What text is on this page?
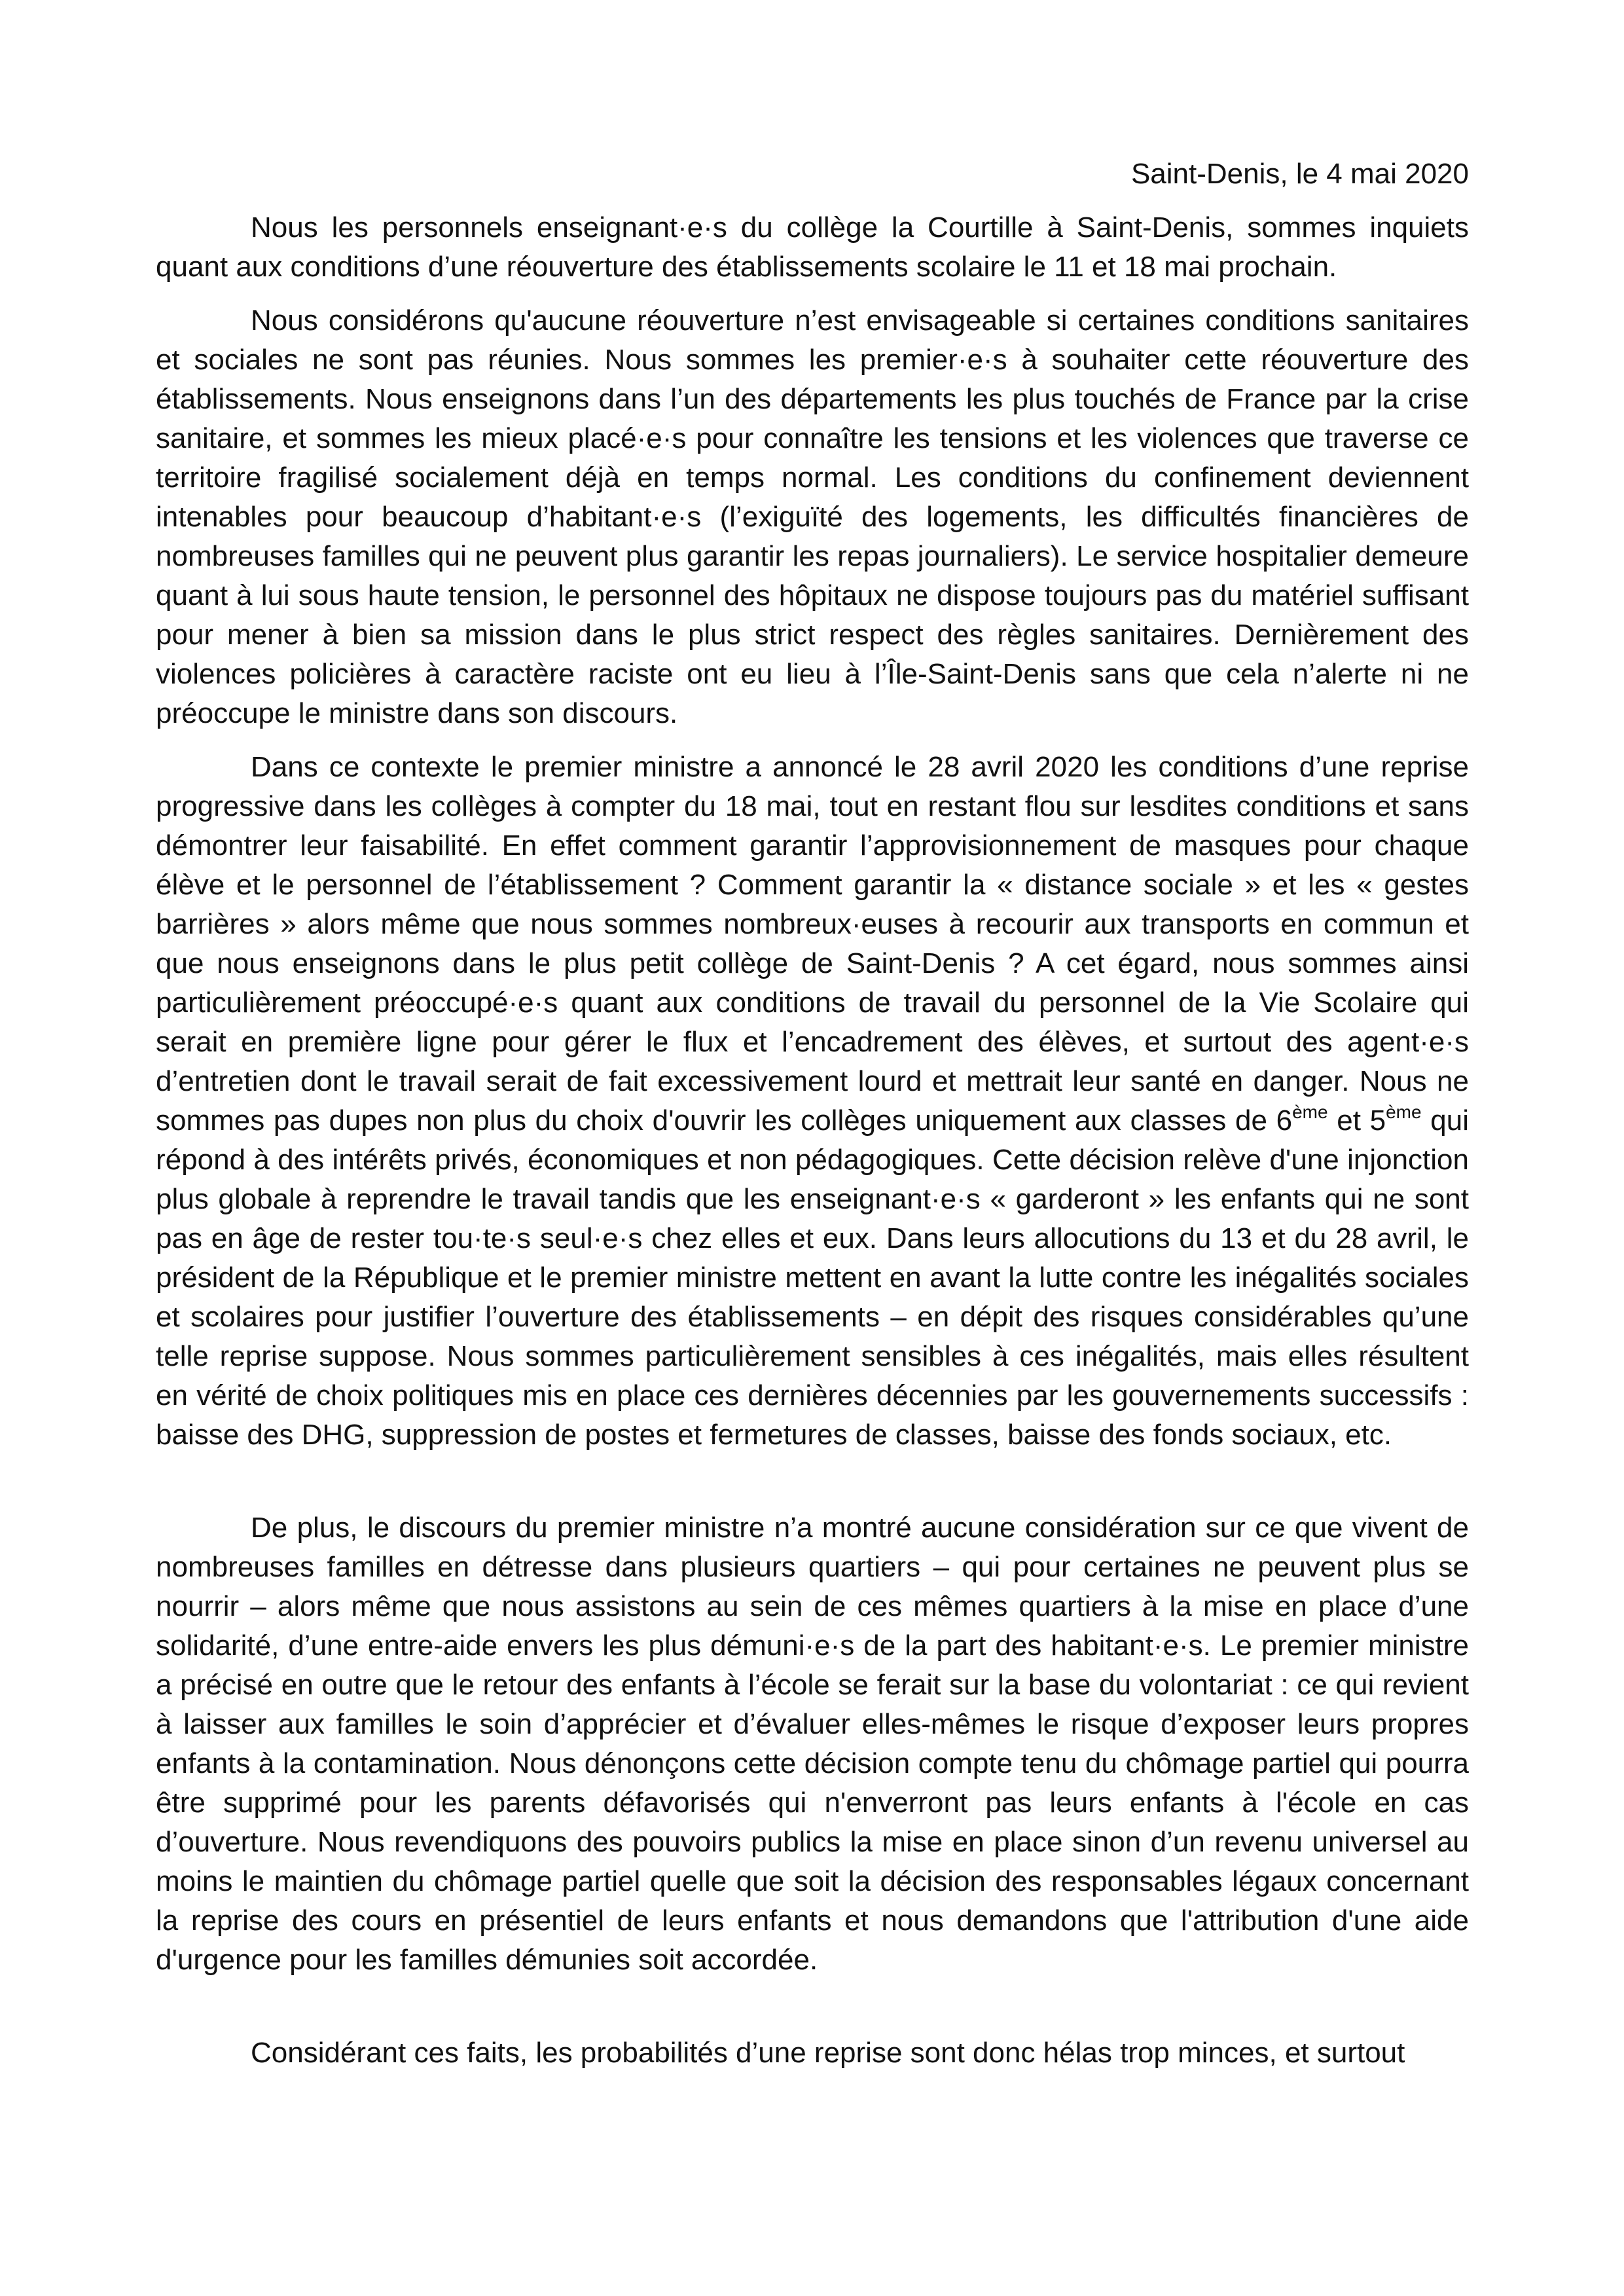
Saint-Denis, le 4 mai 2020

Nous les personnels enseignant·e·s du collège la Courtille à Saint-Denis, sommes inquiets quant aux conditions d’une réouverture des établissements scolaire le 11 et 18 mai prochain.

Nous considérons qu'aucune réouverture n’est envisageable si certaines conditions sanitaires et sociales ne sont pas réunies. Nous sommes les premier·e·s à souhaiter cette réouverture des établissements. Nous enseignons dans l’un des départements les plus touchés de France par la crise sanitaire, et sommes les mieux placé·e·s pour connaître les tensions et les violences que traverse ce territoire fragilisé socialement déjà en temps normal. Les conditions du confinement deviennent intenables pour beaucoup d’habitant·e·s (l’exiguïté des logements, les difficultés financières de nombreuses familles qui ne peuvent plus garantir les repas journaliers). Le service hospitalier demeure quant à lui sous haute tension, le personnel des hôpitaux ne dispose toujours pas du matériel suffisant pour mener à bien sa mission dans le plus strict respect des règles sanitaires. Dernièrement des violences policières à caractère raciste ont eu lieu à l’Île-Saint-Denis sans que cela n’alerte ni ne préoccupe le ministre dans son discours.

Dans ce contexte le premier ministre a annoncé le 28 avril 2020 les conditions d’une reprise progressive dans les collèges à compter du 18 mai, tout en restant flou sur lesdites conditions et sans démontrer leur faisabilité. En effet comment garantir l’approvisionnement de masques pour chaque élève et le personnel de l’établissement ? Comment garantir la « distance sociale » et les « gestes barrières » alors même que nous sommes nombreux·euses à recourir aux transports en commun et que nous enseignons dans le plus petit collège de Saint-Denis ? A cet égard, nous sommes ainsi particulièrement préoccupé·e·s quant aux conditions de travail du personnel de la Vie Scolaire qui serait en première ligne pour gérer le flux et l’encadrement des élèves, et surtout des agent·e·s d’entretien dont le travail serait de fait excessivement lourd et mettrait leur santé en danger. Nous ne sommes pas dupes non plus du choix d'ouvrir les collèges uniquement aux classes de 6ème et 5ème qui répond à des intérêts privés, économiques et non pédagogiques. Cette décision relève d'une injonction plus globale à reprendre le travail tandis que les enseignant·e·s « garderont » les enfants qui ne sont pas en âge de rester tou·te·s seul·e·s chez elles et eux. Dans leurs allocutions du 13 et du 28 avril, le président de la République et le premier ministre mettent en avant la lutte contre les inégalités sociales et scolaires pour justifier l’ouverture des établissements – en dépit des risques considérables qu’une telle reprise suppose. Nous sommes particulièrement sensibles à ces inégalités, mais elles résultent en vérité de choix politiques mis en place ces dernières décennies par les gouvernements successifs : baisse des DHG, suppression de postes et fermetures de classes, baisse des fonds sociaux, etc.

De plus, le discours du premier ministre n’a montré aucune considération sur ce que vivent de nombreuses familles en détresse dans plusieurs quartiers – qui pour certaines ne peuvent plus se nourrir – alors même que nous assistons au sein de ces mêmes quartiers à la mise en place d’une solidarité, d’une entre-aide envers les plus démuni·e·s de la part des habitant·e·s. Le premier ministre a précisé en outre que le retour des enfants à l’école se ferait sur la base du volontariat : ce qui revient à laisser aux familles le soin d’apprécier et d’évaluer elles-mêmes le risque d’exposer leurs propres enfants à la contamination. Nous dénonçons cette décision compte tenu du chômage partiel qui pourra être supprimé pour les parents défavorisés qui n'enverront pas leurs enfants à l'école en cas d’ouverture. Nous revendiquons des pouvoirs publics la mise en place sinon d’un revenu universel au moins le maintien du chômage partiel quelle que soit la décision des responsables légaux concernant la reprise des cours en présentiel de leurs enfants et nous demandons que l'attribution d'une aide d'urgence pour les familles démunies soit accordée.

Considérant ces faits, les probabilités d’une reprise sont donc hélas trop minces, et surtout
